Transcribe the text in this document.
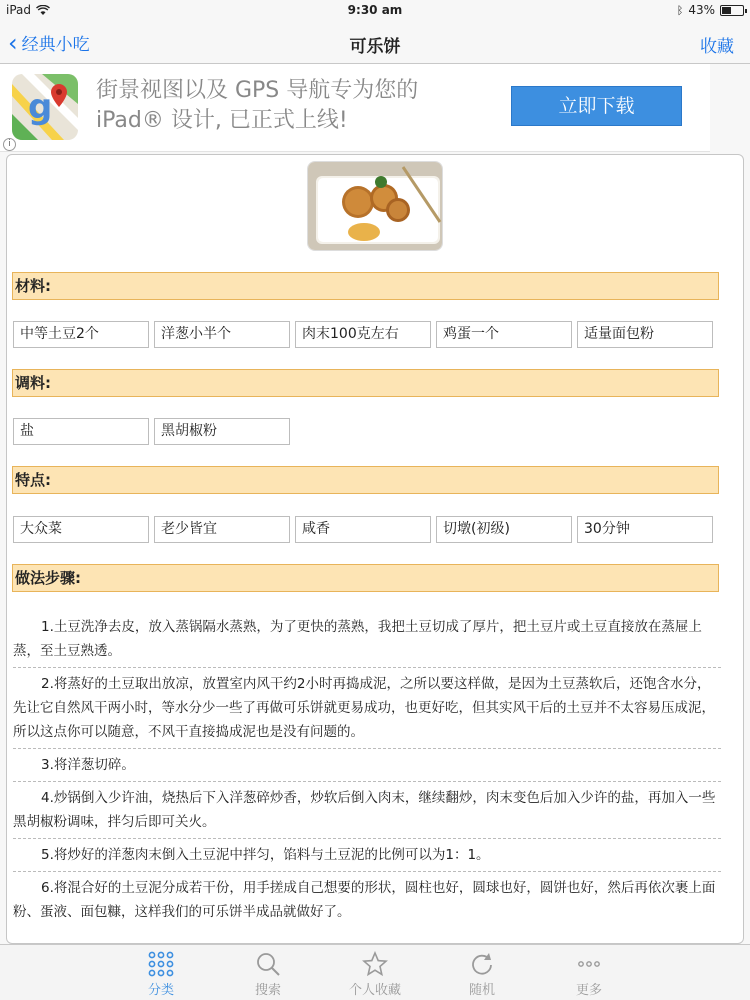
iPad	9:30 am	ᛒ 43%
‹ 经典小吃	可乐饼	收藏
g 街景视图以及 GPS 导航专为您的
iPad® 设计, 已正式上线!
立即下载
i
材料:
中等土豆2个	洋葱小半个	肉末100克左右	鸡蛋一个	适量面包粉
调料:
盐	黑胡椒粉
特点:
大众菜	老少皆宜	咸香	切墩(初级)	30分钟
做法步骤:

1.土豆洗净去皮，放入蒸锅隔水蒸熟，为了更快的蒸熟，我把土豆切成了厚片，把土豆片或土豆直接放在蒸屉上蒸，至土豆熟透。

2.将蒸好的土豆取出放凉，放置室内风干约2小时再捣成泥，之所以要这样做，是因为土豆蒸软后，还饱含水分，先让它自然风干两小时，等水分少一些了再做可乐饼就更易成功，也更好吃，但其实风干后的土豆并不太容易压成泥，所以这点你可以随意，不风干直接捣成泥也是没有问题的。

3.将洋葱切碎。

4.炒锅倒入少许油，烧热后下入洋葱碎炒香，炒软后倒入肉末，继续翻炒，肉末变色后加入少许的盐，再加入一些黑胡椒粉调味，拌匀后即可关火。

5.将炒好的洋葱肉末倒入土豆泥中拌匀，馅料与土豆泥的比例可以为1：1。

6.将混合好的土豆泥分成若干份，用手搓成自己想要的形状，圆柱也好，圆球也好，圆饼也好，然后再依次裹上面粉、蛋液、面包糠，这样我们的可乐饼半成品就做好了。

分类	搜索	个人收藏	随机	更多
